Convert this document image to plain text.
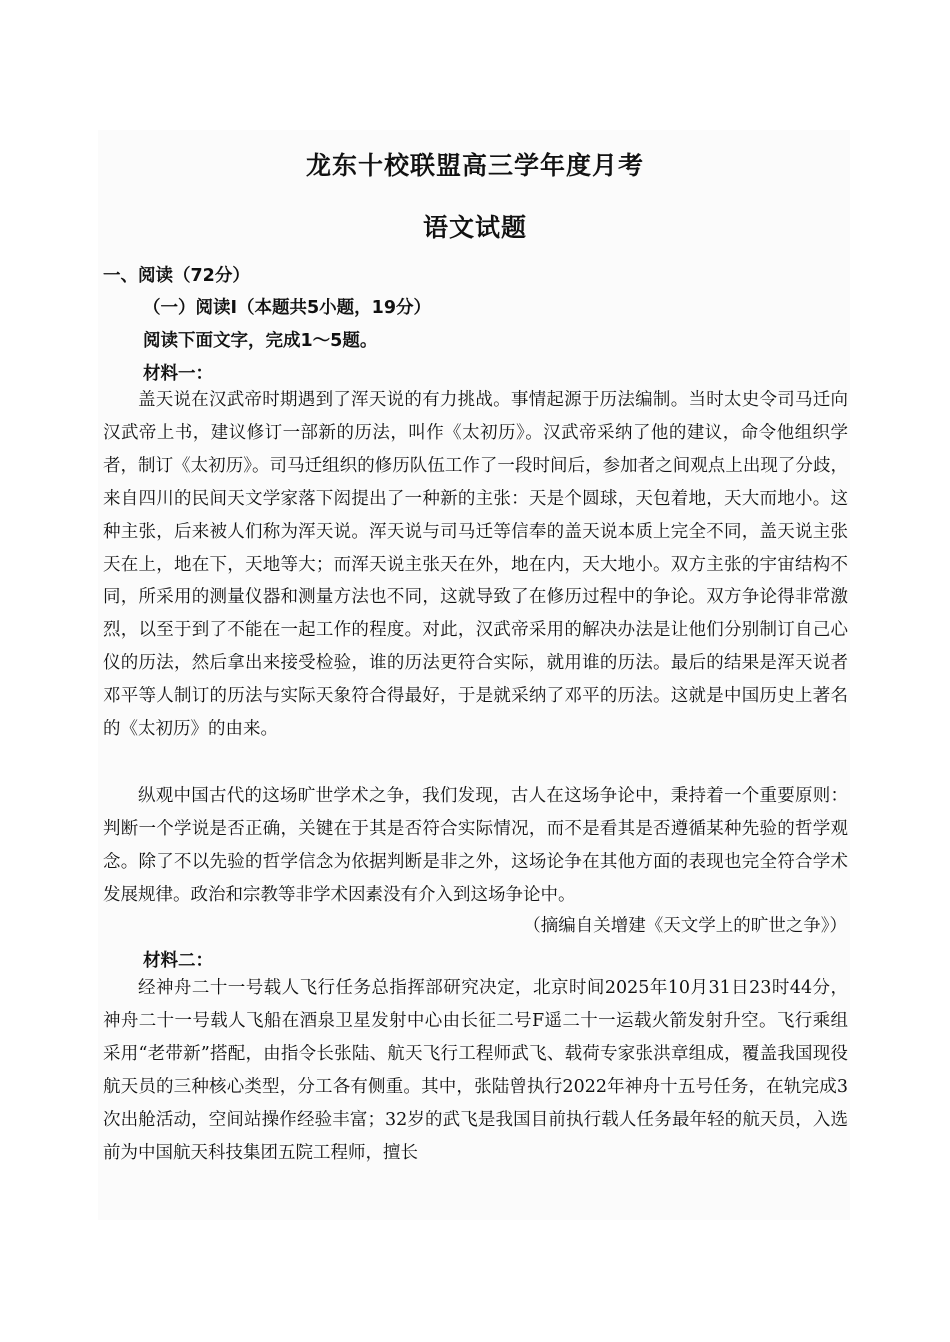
龙东十校联盟高三学年度月考
语文试题
一、阅读（72分）
（一）阅读Ⅰ（本题共5小题，19分）
阅读下面文字，完成1～5题。
材料一：

盖天说在汉武帝时期遇到了浑天说的有力挑战。事情起源于历法编制。当时太史令司马迁向汉武帝上书，建议修订一部新的历法，叫作《太初历》。汉武帝采纳了他的建议，命令他组织学者，制订《太初历》。司马迁组织的修历队伍工作了一段时间后，参加者之间观点上出现了分歧，来自四川的民间天文学家落下闳提出了一种新的主张：天是个圆球，天包着地，天大而地小。这种主张，后来被人们称为浑天说。浑天说与司马迁等信奉的盖天说本质上完全不同，盖天说主张天在上，地在下，天地等大；而浑天说主张天在外，地在内，天大地小。双方主张的宇宙结构不同，所采用的测量仪器和测量方法也不同，这就导致了在修历过程中的争论。双方争论得非常激烈，以至于到了不能在一起工作的程度。对此，汉武帝采用的解决办法是让他们分别制订自己心仪的历法，然后拿出来接受检验，谁的历法更符合实际，就用谁的历法。最后的结果是浑天说者邓平等人制订的历法与实际天象符合得最好，于是就采纳了邓平的历法。这就是中国历史上著名的《太初历》的由来。

纵观中国古代的这场旷世学术之争，我们发现，古人在这场争论中，秉持着一个重要原则：判断一个学说是否正确，关键在于其是否符合实际情况，而不是看其是否遵循某种先验的哲学观念。除了不以先验的哲学信念为依据判断是非之外，这场论争在其他方面的表现也完全符合学术发展规律。政治和宗教等非学术因素没有介入到这场争论中。

（摘编自关增建《天文学上的旷世之争》）
材料二：

经神舟二十一号载人飞行任务总指挥部研究决定，北京时间2025年10月31日23时44分，神舟二十一号载人飞船在酒泉卫星发射中心由长征二号F遥二十一运载火箭发射升空。飞行乘组采用“老带新”搭配，由指令长张陆、航天飞行工程师武飞、载荷专家张洪章组成，覆盖我国现役航天员的三种核心类型，分工各有侧重。其中，张陆曾执行2022年神舟十五号任务，在轨完成3次出舱活动，空间站操作经验丰富；32岁的武飞是我国目前执行载人任务最年轻的航天员，入选前为中国航天科技集团五院工程师，擅长
